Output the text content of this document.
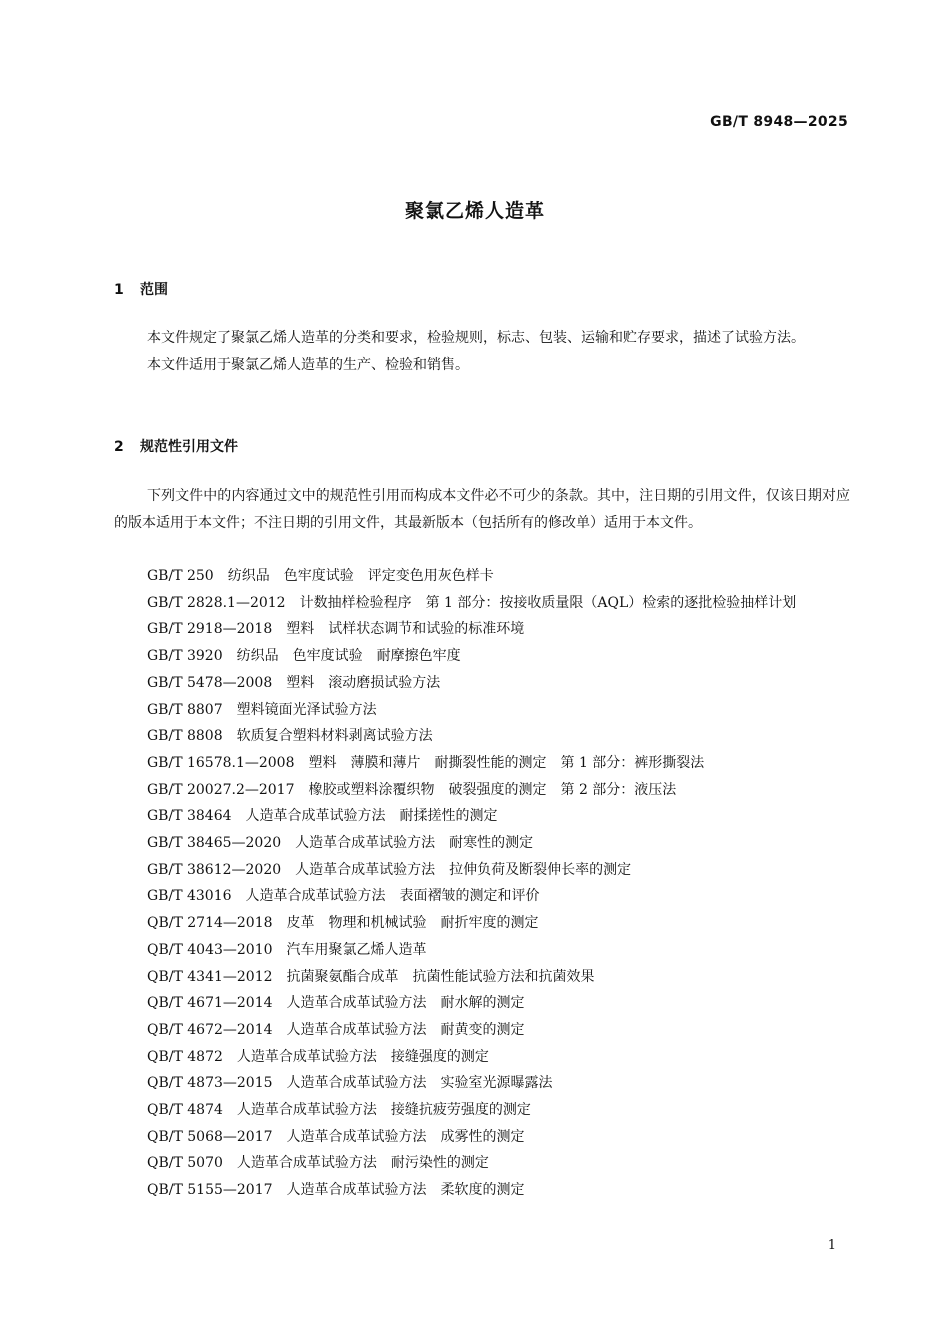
GB/T 8948—2025
聚氯乙烯人造革
1 范围

本文件规定了聚氯乙烯人造革的分类和要求，检验规则，标志、包装、运输和贮存要求，描述了试验方法。

本文件适用于聚氯乙烯人造革的生产、检验和销售。

2 规范性引用文件

下列文件中的内容通过文中的规范性引用而构成本文件必不可少的条款。其中，注日期的引用文件，仅该日期对应的版本适用于本文件；不注日期的引用文件，其最新版本（包括所有的修改单）适用于本文件。

GB/T 250 纺织品　色牢度试验　评定变色用灰色样卡
GB/T 2828.1—2012 计数抽样检验程序　第 1 部分：按接收质量限（AQL）检索的逐批检验抽样计划
GB/T 2918—2018 塑料　试样状态调节和试验的标准环境
GB/T 3920 纺织品　色牢度试验　耐摩擦色牢度
GB/T 5478—2008 塑料　滚动磨损试验方法
GB/T 8807 塑料镜面光泽试验方法
GB/T 8808 软质复合塑料材料剥离试验方法
GB/T 16578.1—2008 塑料　薄膜和薄片　耐撕裂性能的测定　第 1 部分：裤形撕裂法
GB/T 20027.2—2017 橡胶或塑料涂覆织物　破裂强度的测定　第 2 部分：液压法
GB/T 38464 人造革合成革试验方法　耐揉搓性的测定
GB/T 38465—2020 人造革合成革试验方法　耐寒性的测定
GB/T 38612—2020 人造革合成革试验方法　拉伸负荷及断裂伸长率的测定
GB/T 43016 人造革合成革试验方法　表面褶皱的测定和评价
QB/T 2714—2018 皮革　物理和机械试验　耐折牢度的测定
QB/T 4043—2010 汽车用聚氯乙烯人造革
QB/T 4341—2012 抗菌聚氨酯合成革　抗菌性能试验方法和抗菌效果
QB/T 4671—2014 人造革合成革试验方法　耐水解的测定
QB/T 4672—2014 人造革合成革试验方法　耐黄变的测定
QB/T 4872 人造革合成革试验方法　接缝强度的测定
QB/T 4873—2015 人造革合成革试验方法　实验室光源曝露法
QB/T 4874 人造革合成革试验方法　接缝抗疲劳强度的测定
QB/T 5068—2017 人造革合成革试验方法　成雾性的测定
QB/T 5070 人造革合成革试验方法　耐污染性的测定
QB/T 5155—2017 人造革合成革试验方法　柔软度的测定
1
